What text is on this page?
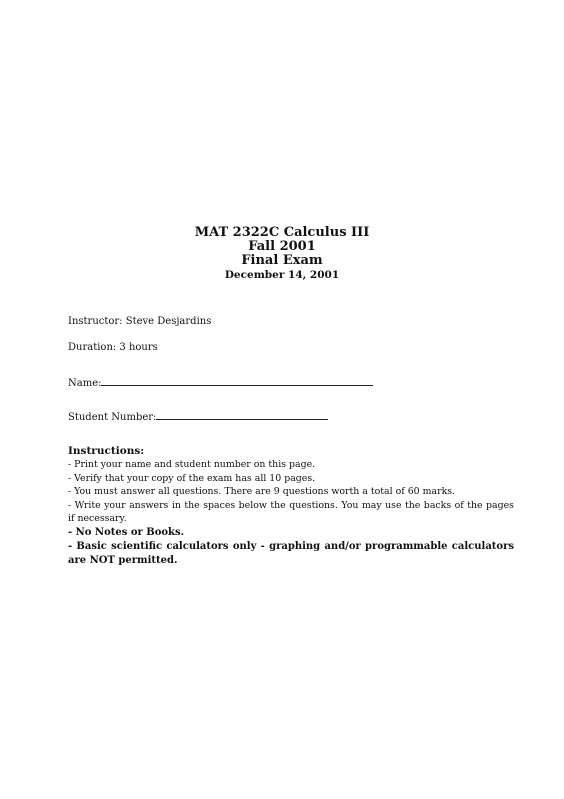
MAT 2322C Calculus III

Fall 2001

Final Exam

December 14, 2001

Instructor: Steve Desjardins
Duration: 3 hours
Name:
Student Number:
Instructions:

- Print your name and student number on this page.

- Verify that your copy of the exam has all 10 pages.

- You must answer all questions. There are 9 questions worth a total of 60 marks.

- Write your answers in the spaces below the questions. You may use the backs of the pages if necessary.

- No Notes or Books.

- Basic scientific calculators only - graphing and/or programmable calculators are NOT permitted.
